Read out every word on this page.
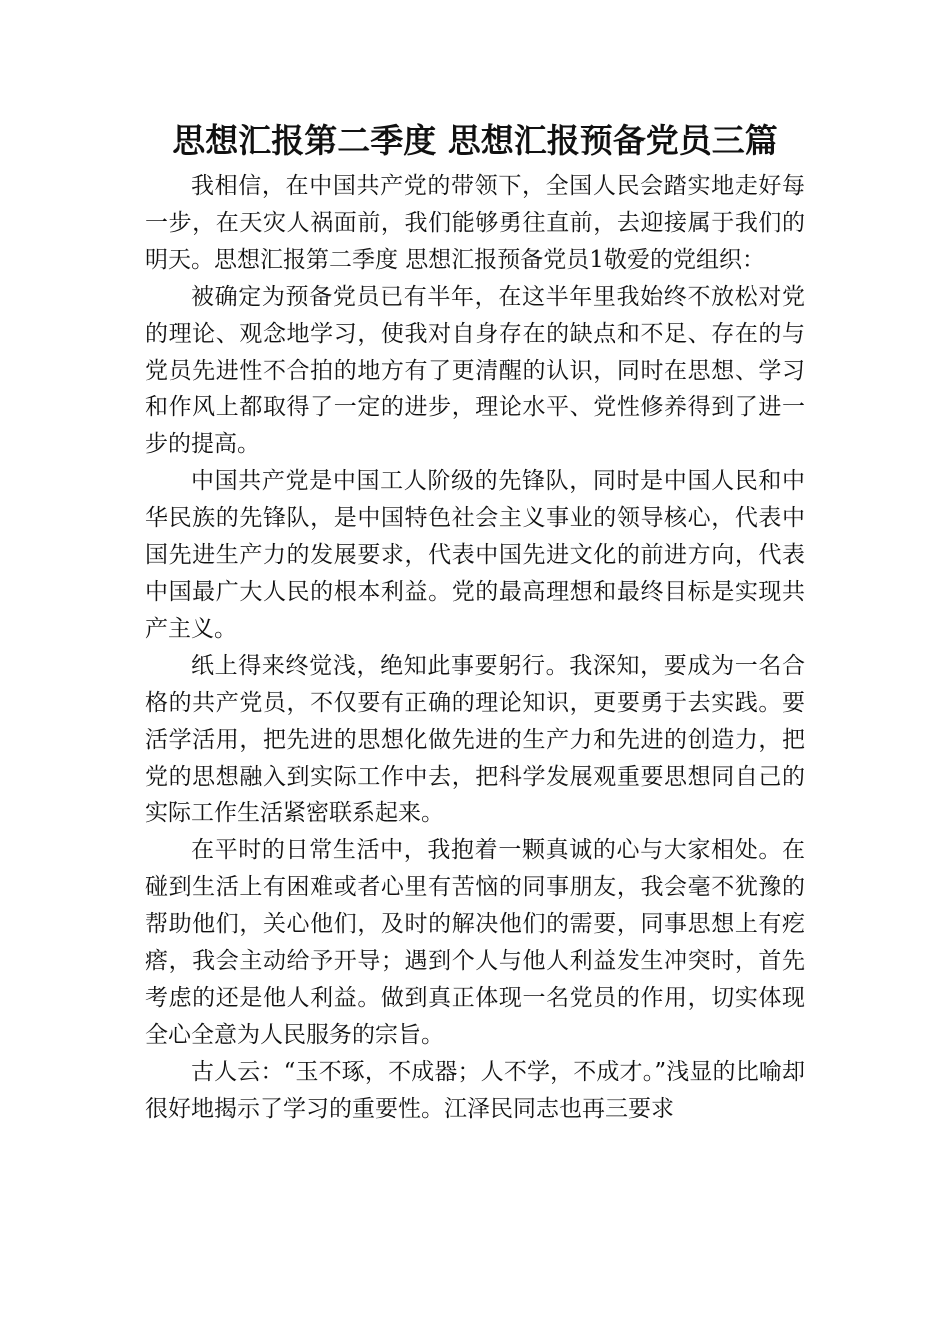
思想汇报第二季度 思想汇报预备党员三篇

我相信，在中国共产党的带领下，全国人民会踏实地走好每一步，在天灾人祸面前，我们能够勇往直前，去迎接属于我们的明天。思想汇报第二季度 思想汇报预备党员1敬爱的党组织：

被确定为预备党员已有半年，在这半年里我始终不放松对党的理论、观念地学习，使我对自身存在的缺点和不足、存在的与党员先进性不合拍的地方有了更清醒的认识，同时在思想、学习和作风上都取得了一定的进步，理论水平、党性修养得到了进一步的提高。

中国共产党是中国工人阶级的先锋队，同时是中国人民和中华民族的先锋队，是中国特色社会主义事业的领导核心，代表中国先进生产力的发展要求，代表中国先进文化的前进方向，代表中国最广大人民的根本利益。党的最高理想和最终目标是实现共产主义。

纸上得来终觉浅，绝知此事要躬行。我深知，要成为一名合格的共产党员，不仅要有正确的理论知识，更要勇于去实践。要活学活用，把先进的思想化做先进的生产力和先进的创造力，把党的思想融入到实际工作中去，把科学发展观重要思想同自己的实际工作生活紧密联系起来。

在平时的日常生活中，我抱着一颗真诚的心与大家相处。在碰到生活上有困难或者心里有苦恼的同事朋友，我会毫不犹豫的帮助他们，关心他们，及时的解决他们的需要，同事思想上有疙瘩，我会主动给予开导；遇到个人与他人利益发生冲突时，首先考虑的还是他人利益。做到真正体现一名党员的作用，切实体现全心全意为人民服务的宗旨。

古人云：“玉不琢，不成器；人不学，不成才。”浅显的比喻却很好地揭示了学习的重要性。江泽民同志也再三要求
